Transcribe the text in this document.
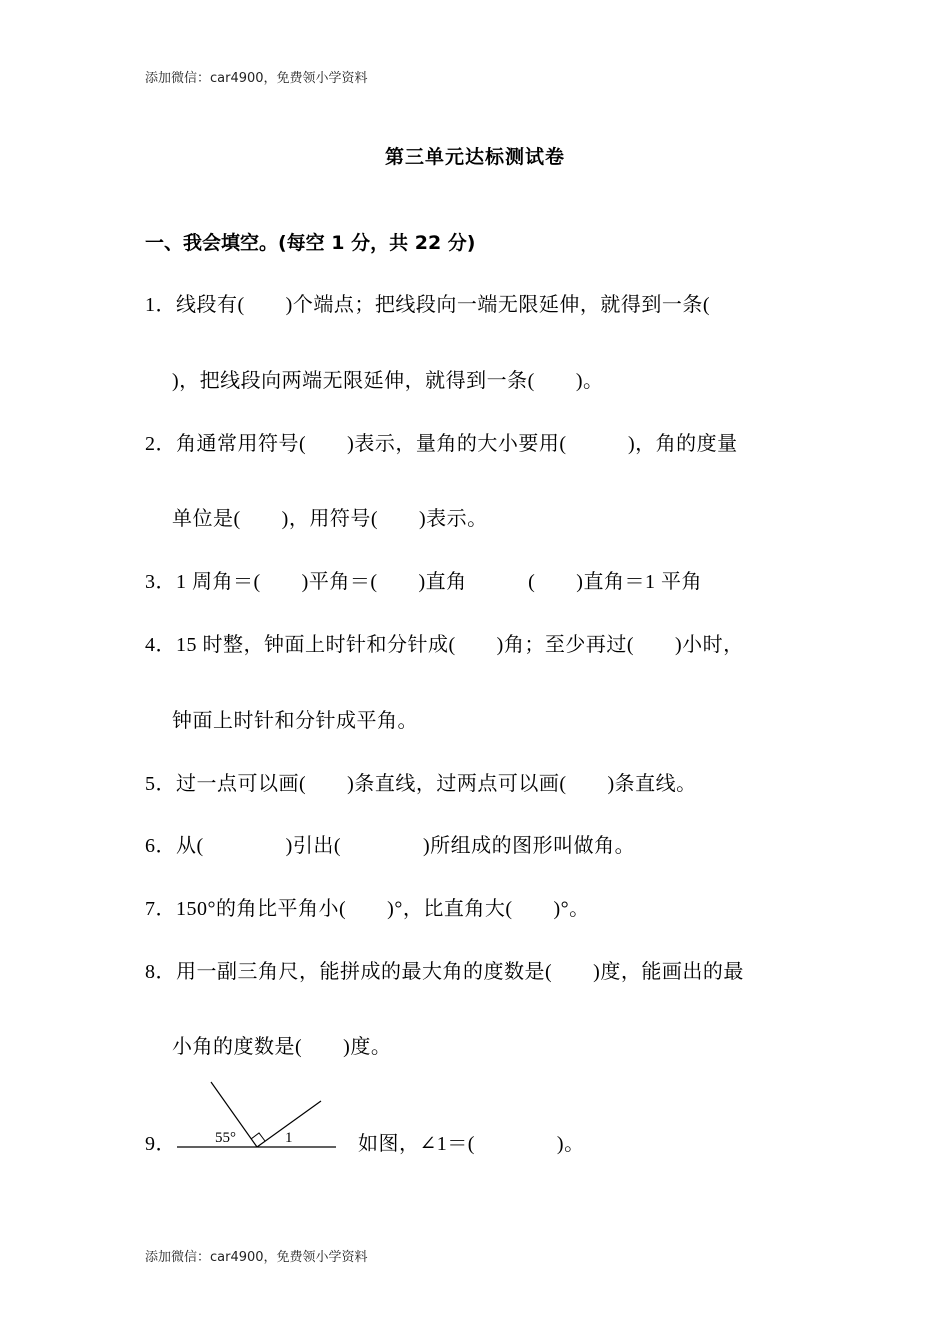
添加微信：car4900，免费领小学资料
第三单元达标测试卷
一、我会填空。(每空 1 分，共 22 分)
1．线段有(　　)个端点；把线段向一端无限延伸，就得到一条(
)，把线段向两端无限延伸，就得到一条(　　)。
2．角通常用符号(　　)表示，量角的大小要用(　　　)，角的度量
单位是(　　)，用符号(　　)表示。
3．1 周角＝(　　)平角＝(　　)直角　　　(　　)直角＝1 平角
4．15 时整，钟面上时针和分针成(　　)角；至少再过(　　)小时，
钟面上时针和分针成平角。
5．过一点可以画(　　)条直线，过两点可以画(　　)条直线。
6．从(　　　　)引出(　　　　)所组成的图形叫做角。
7．150°的角比平角小(　　)°，比直角大(　　)°。
8．用一副三角尺，能拼成的最大角的度数是(　　)度，能画出的最
小角的度数是(　　)度。
9．	55°	1	如图，∠1＝(　　　　)。
添加微信：car4900，免费领小学资料
